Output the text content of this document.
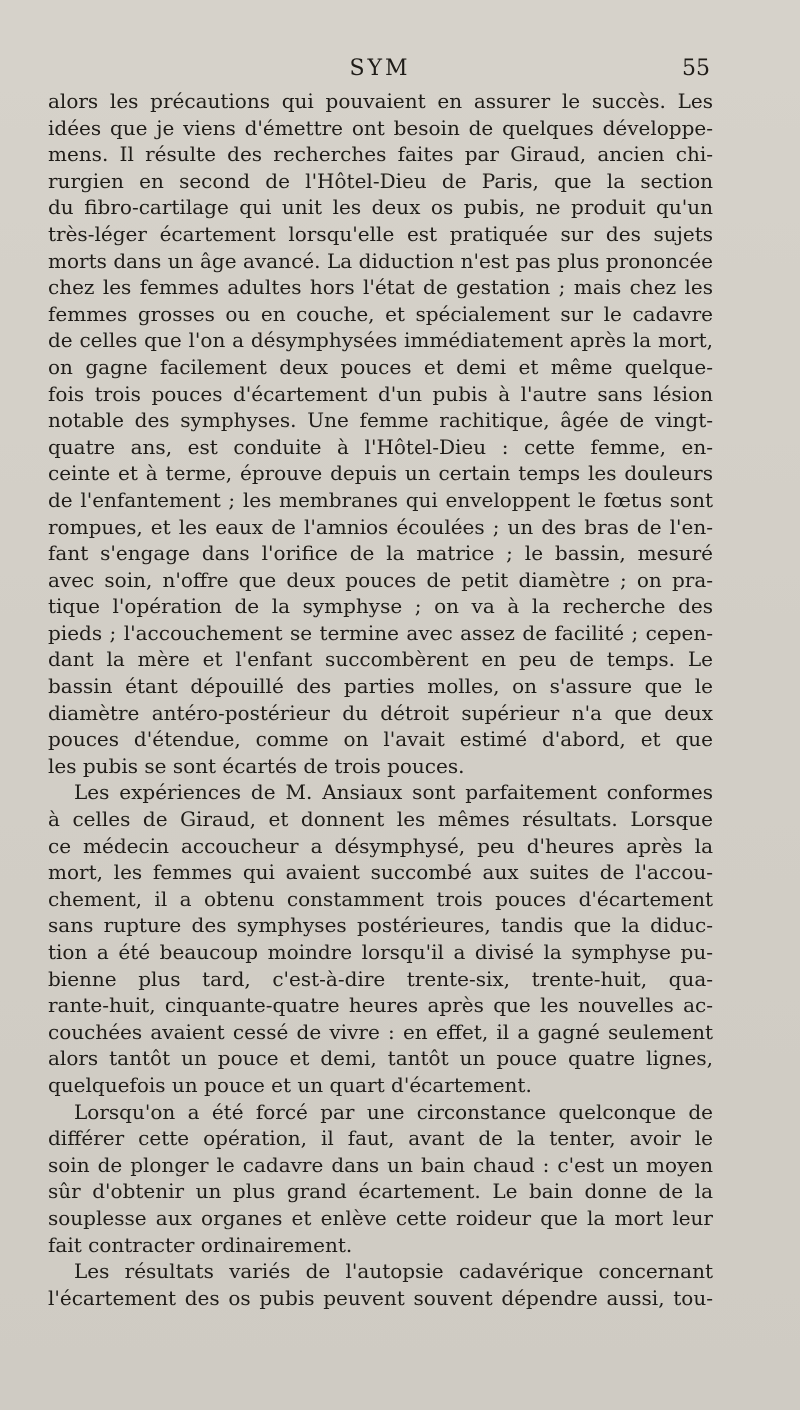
SYM	55
alors les précautions qui pouvaient en assurer le succès. Les
idées que je viens d'émettre ont besoin de quelques développe-
mens. Il résulte des recherches faites par Giraud, ancien chi-
rurgien en second de l'Hôtel-Dieu de Paris, que la section
du fibro-cartilage qui unit les deux os pubis, ne produit qu'un
très-léger écartement lorsqu'elle est pratiquée sur des sujets
morts dans un âge avancé. La diduction n'est pas plus prononcée
chez les femmes adultes hors l'état de gestation ; mais chez les
femmes grosses ou en couche, et spécialement sur le cadavre
de celles que l'on a désymphysées immédiatement après la mort,
on gagne facilement deux pouces et demi et même quelque-
fois trois pouces d'écartement d'un pubis à l'autre sans lésion
notable des symphyses. Une femme rachitique, âgée de vingt-
quatre ans, est conduite à l'Hôtel-Dieu : cette femme, en-
ceinte et à terme, éprouve depuis un certain temps les douleurs
de l'enfantement ; les membranes qui enveloppent le fœtus sont
rompues, et les eaux de l'amnios écoulées ; un des bras de l'en-
fant s'engage dans l'orifice de la matrice ; le bassin, mesuré
avec soin, n'offre que deux pouces de petit diamètre ; on pra-
tique l'opération de la symphyse ; on va à la recherche des
pieds ; l'accouchement se termine avec assez de facilité ; cepen-
dant la mère et l'enfant succombèrent en peu de temps. Le
bassin étant dépouillé des parties molles, on s'assure que le
diamètre antéro-postérieur du détroit supérieur n'a que deux
pouces d'étendue, comme on l'avait estimé d'abord, et que
les pubis se sont écartés de trois pouces.
Les expériences de M. Ansiaux sont parfaitement conformes
à celles de Giraud, et donnent les mêmes résultats. Lorsque
ce médecin accoucheur a désymphysé, peu d'heures après la
mort, les femmes qui avaient succombé aux suites de l'accou-
chement, il a obtenu constamment trois pouces d'écartement
sans rupture des symphyses postérieures, tandis que la diduc-
tion a été beaucoup moindre lorsqu'il a divisé la symphyse pu-
bienne plus tard, c'est-à-dire trente-six, trente-huit, qua-
rante-huit, cinquante-quatre heures après que les nouvelles ac-
couchées avaient cessé de vivre : en effet, il a gagné seulement
alors tantôt un pouce et demi, tantôt un pouce quatre lignes,
quelquefois un pouce et un quart d'écartement.
Lorsqu'on a été forcé par une circonstance quelconque de
différer cette opération, il faut, avant de la tenter, avoir le
soin de plonger le cadavre dans un bain chaud : c'est un moyen
sûr d'obtenir un plus grand écartement. Le bain donne de la
souplesse aux organes et enlève cette roideur que la mort leur
fait contracter ordinairement.
Les résultats variés de l'autopsie cadavérique concernant
l'écartement des os pubis peuvent souvent dépendre aussi, tou-
